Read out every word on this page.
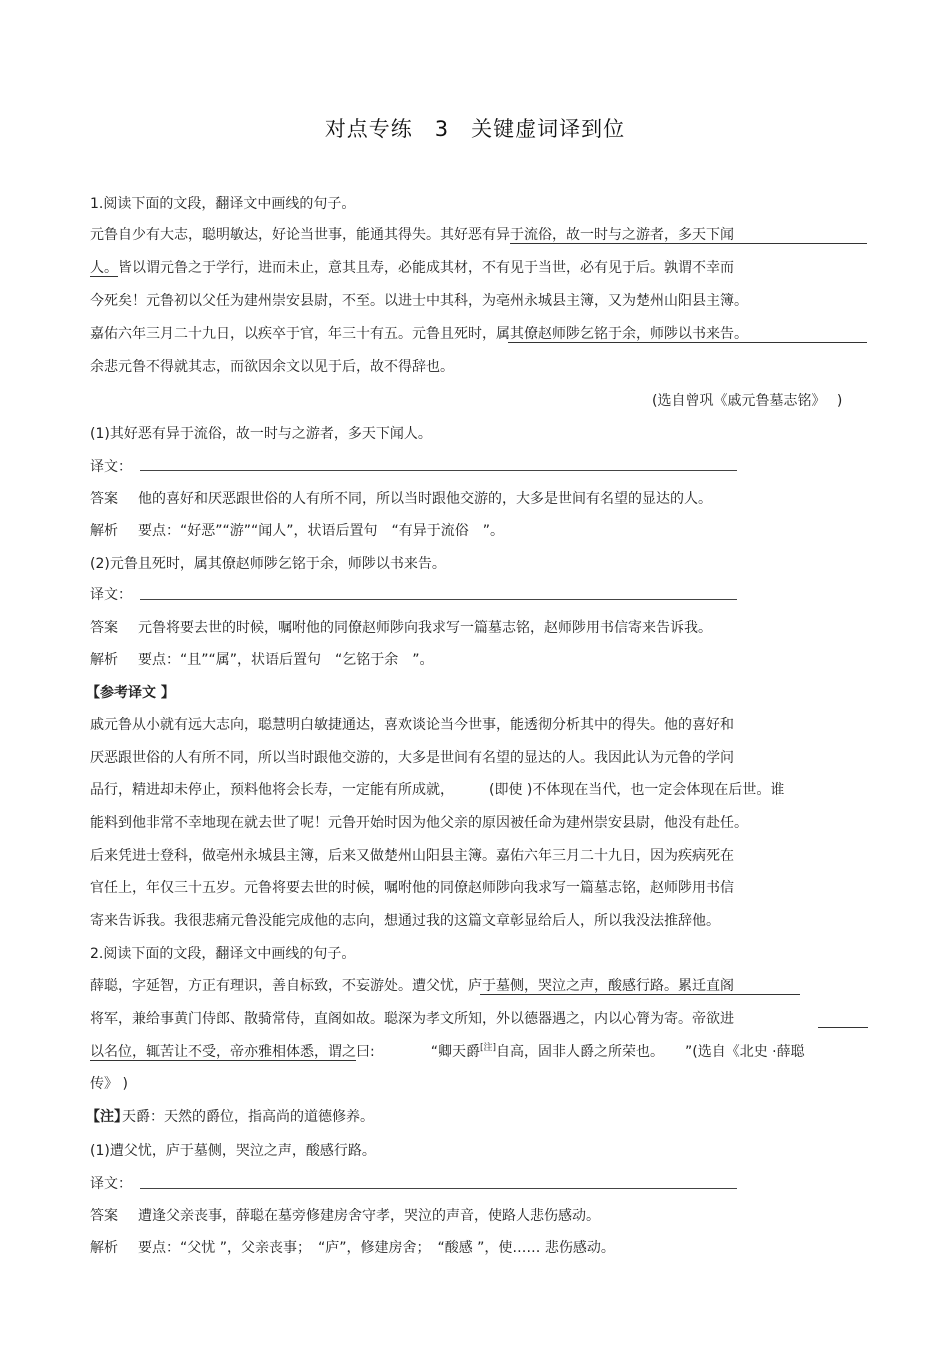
对点专练　3　关键虚词译到位
1.阅读下面的文段，翻译文中画线的句子。
元鲁自少有大志，聪明敏达，好论当世事，能通其得失。其好恶有异于流俗，故一时与之游者，多天下闻
人。皆以谓元鲁之于学行，进而未止，意其且寿，必能成其材，不有见于当世，必有见于后。孰谓不幸而
今死矣！元鲁初以父任为建州崇安县尉，不至。以进士中其科，为亳州永城县主簿，又为楚州山阳县主簿。
嘉佑六年三月二十九日，以疾卒于官，年三十有五。元鲁且死时，属其僚赵师陟乞铭于余，师陟以书来告。
余悲元鲁不得就其志，而欲因余文以见于后，故不得辞也。
(选自曾巩《戚元鲁墓志铭》　 )
(1)其好恶有异于流俗，故一时与之游者，多天下闻人。
译文：
答案 他的喜好和厌恶跟世俗的人有所不同，所以当时跟他交游的，大多是世间有名望的显达的人。
解析 要点：“好恶”“游”“闻人”，状语后置句　“有异于流俗　”。
(2)元鲁且死时，属其僚赵师陟乞铭于余，师陟以书来告。
译文：
答案 元鲁将要去世的时候，嘱咐他的同僚赵师陟向我求写一篇墓志铭，赵师陟用书信寄来告诉我。
解析 要点：“且”“属”，状语后置句　“乞铭于余　”。
【参考译文 】
戚元鲁从小就有远大志向，聪慧明白敏捷通达，喜欢谈论当今世事，能透彻分析其中的得失。他的喜好和
厌恶跟世俗的人有所不同，所以当时跟他交游的，大多是世间有名望的显达的人。我因此认为元鲁的学问
品行，精进却未停止，预料他将会长寿，一定能有所成就，　　　(即使 )不体现在当代，也一定会体现在后世。谁
能料到他非常不幸地现在就去世了呢！元鲁开始时因为他父亲的原因被任命为建州崇安县尉，他没有赴任。
后来凭进士登科，做亳州永城县主簿，后来又做楚州山阳县主簿。嘉佑六年三月二十九日，因为疾病死在
官任上，年仅三十五岁。元鲁将要去世的时候，嘱咐他的同僚赵师陟向我求写一篇墓志铭，赵师陟用书信
寄来告诉我。我很悲痛元鲁没能完成他的志向，想通过我的这篇文章彰显给后人，所以我没法推辞他。
2.阅读下面的文段，翻译文中画线的句子。
薛聪，字延智，方正有理识，善自标致，不妄游处。遭父忧，庐于墓侧，哭泣之声，酸感行路。累迁直阁
将军，兼给事黄门侍郎、散骑常侍，直阁如故。聪深为孝文所知，外以德器遇之，内以心膂为寄。帝欲进
以名位，辄苦让不受，帝亦雅相体悉，谓之曰:　　　　“卿天爵[注]自高，固非人爵之所荣也。　　”(选自《北史 ·薛聪
传》 )
【注】天爵：天然的爵位，指高尚的道德修养。
(1)遭父忧，庐于墓侧，哭泣之声，酸感行路。
译文：
答案 遭逢父亲丧事，薛聪在墓旁修建房舍守孝，哭泣的声音，使路人悲伤感动。
解析 要点：“父忧 ”，父亲丧事；　“庐”，修建房舍；　“酸感 ”，使…… 悲伤感动。
